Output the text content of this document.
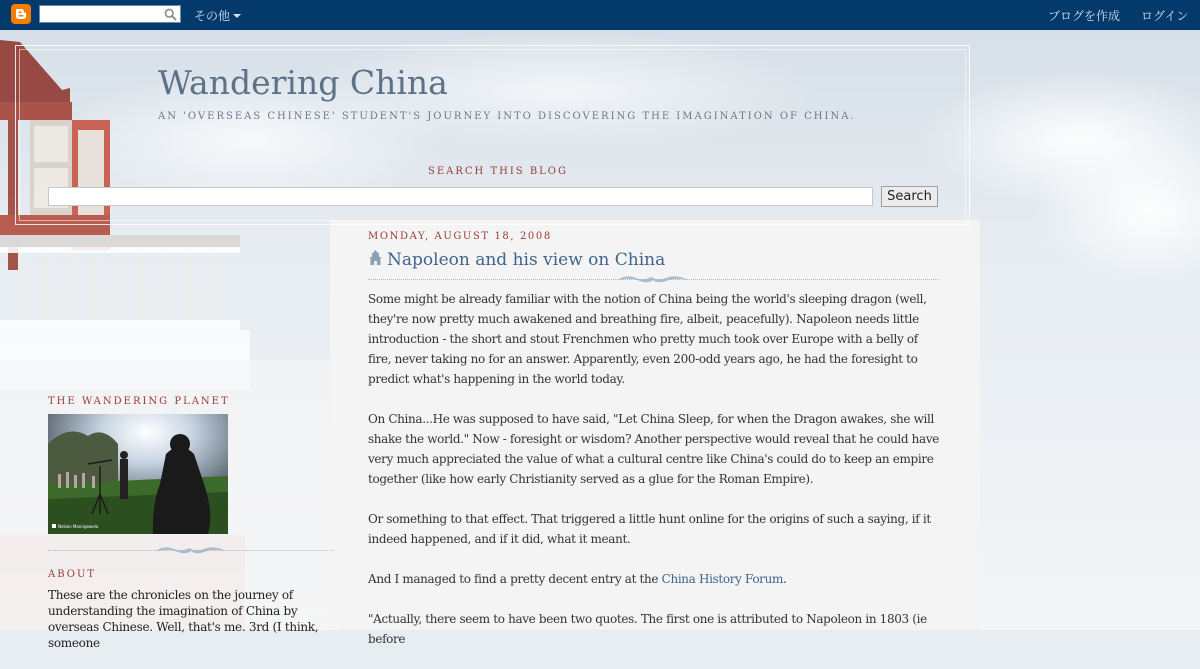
その他	ブログを作成 ログイン
Wandering China
AN 'OVERSEAS CHINESE' STUDENT'S JOURNEY INTO DISCOVERING THE IMAGINATION OF CHINA.
SEARCH THIS BLOG
Search
MONDAY, AUGUST 18, 2008
Napoleon and his view on China

Some might be already familiar with the notion of China being the world's sleeping dragon (well, they're now pretty much awakened and breathing fire, albeit, peacefully). Napoleon needs little introduction - the short and stout Frenchmen who pretty much took over Europe with a belly of fire, never taking no for an answer. Apparently, even 200-odd years ago, he had the foresight to predict what's happening in the world today.

On China...He was supposed to have said, "Let China Sleep, for when the Dragon awakes, she will shake the world." Now - foresight or wisdom? Another perspective would reveal that he could have very much appreciated the value of what a cultural centre like China's could do to keep an empire together (like how early Christianity served as a glue for the Roman Empire).

Or something to that effect. That triggered a little hunt online for the origins of such a saying, if it indeed happened, and if it did, what it meant.

And I managed to find a pretty decent entry at the China History Forum.

"Actually, there seem to have been two quotes. The first one is attributed to Napoleon in 1803 (ie before

THE WANDERING PLANET
Nelson Manirgewelo
ABOUT
These are the chronicles on the journey of understanding the imagination of China by overseas Chinese. Well, that's me. 3rd (I think, someone
